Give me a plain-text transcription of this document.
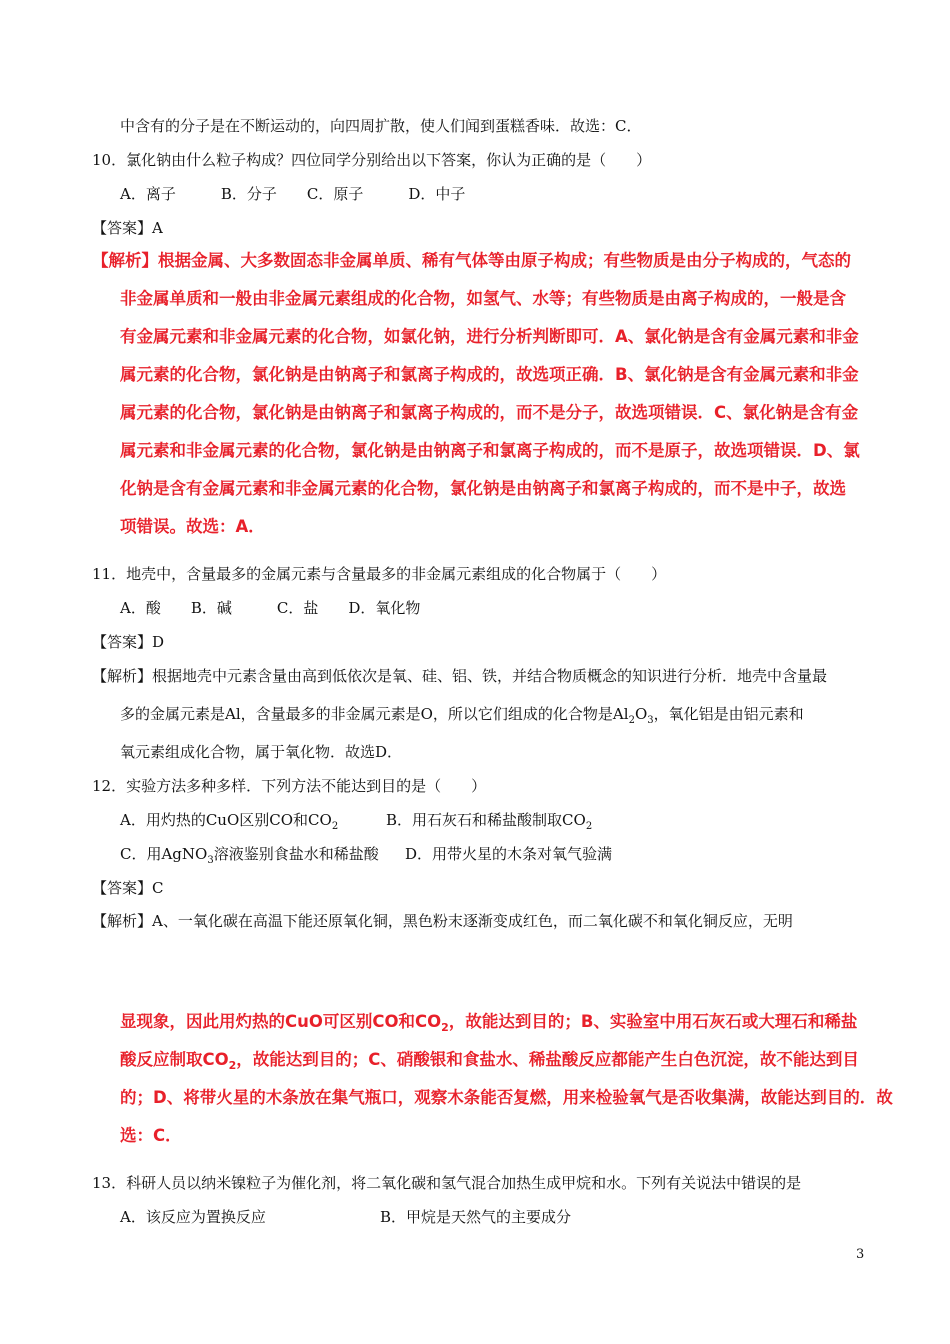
中含有的分子是在不断运动的，向四周扩散，使人们闻到蛋糕香味．故选：C．
10．氯化钠由什么粒子构成？四位同学分别给出以下答案，你认为正确的是（　　）
A．离子　　　B．分子　　C．原子　　　D．中子
【答案】A
【解析】根据金属、大多数固态非金属单质、稀有气体等由原子构成；有些物质是由分子构成的，气态的
非金属单质和一般由非金属元素组成的化合物，如氢气、水等；有些物质是由离子构成的，一般是含
有金属元素和非金属元素的化合物，如氯化钠，进行分析判断即可．A、氯化钠是含有金属元素和非金
属元素的化合物，氯化钠是由钠离子和氯离子构成的，故选项正确．B、氯化钠是含有金属元素和非金
属元素的化合物，氯化钠是由钠离子和氯离子构成的，而不是分子，故选项错误．C、氯化钠是含有金
属元素和非金属元素的化合物，氯化钠是由钠离子和氯离子构成的，而不是原子，故选项错误．D、氯
化钠是含有金属元素和非金属元素的化合物，氯化钠是由钠离子和氯离子构成的，而不是中子，故选
项错误。故选：A．
11．地壳中，含量最多的金属元素与含量最多的非金属元素组成的化合物属于（　　）
A．酸　　B．碱　　　C．盐　　D．氧化物
【答案】D
【解析】根据地壳中元素含量由高到低依次是氧、硅、铝、铁，并结合物质概念的知识进行分析．地壳中含量最
多的金属元素是Al，含量最多的非金属元素是O，所以它们组成的化合物是$Al_2O_3$，氧化铝是由铝元素和
氧元素组成化合物，属于氧化物．故选D．
12．实验方法多种多样．下列方法不能达到目的是（　　）
A．用灼热的CuO区别CO和$CO_2$	B．用石灰石和稀盐酸制取$CO_2$
C．用AgNO$_3$溶液鉴别食盐水和稀盐酸 D．用带火星的木条对氧气验满
【答案】C
【解析】A、一氧化碳在高温下能还原氧化铜，黑色粉末逐渐变成红色，而二氧化碳不和氧化铜反应，无明
显现象，因此用灼热的CuO可区别CO和$CO_2$，故能达到目的；B、实验室中用石灰石或大理石和稀盐
酸反应制取$CO_2$，故能达到目的；C、硝酸银和食盐水、稀盐酸反应都能产生白色沉淀，故不能达到目
的；D、将带火星的木条放在集气瓶口，观察木条能否复燃，用来检验氧气是否收集满，故能达到目的．故
选：C．
13．科研人员以纳米镍粒子为催化剂，将二氧化碳和氢气混合加热生成甲烷和水。下列有关说法中错误的是
A．该反应为置换反应	B．甲烷是天然气的主要成分
3
